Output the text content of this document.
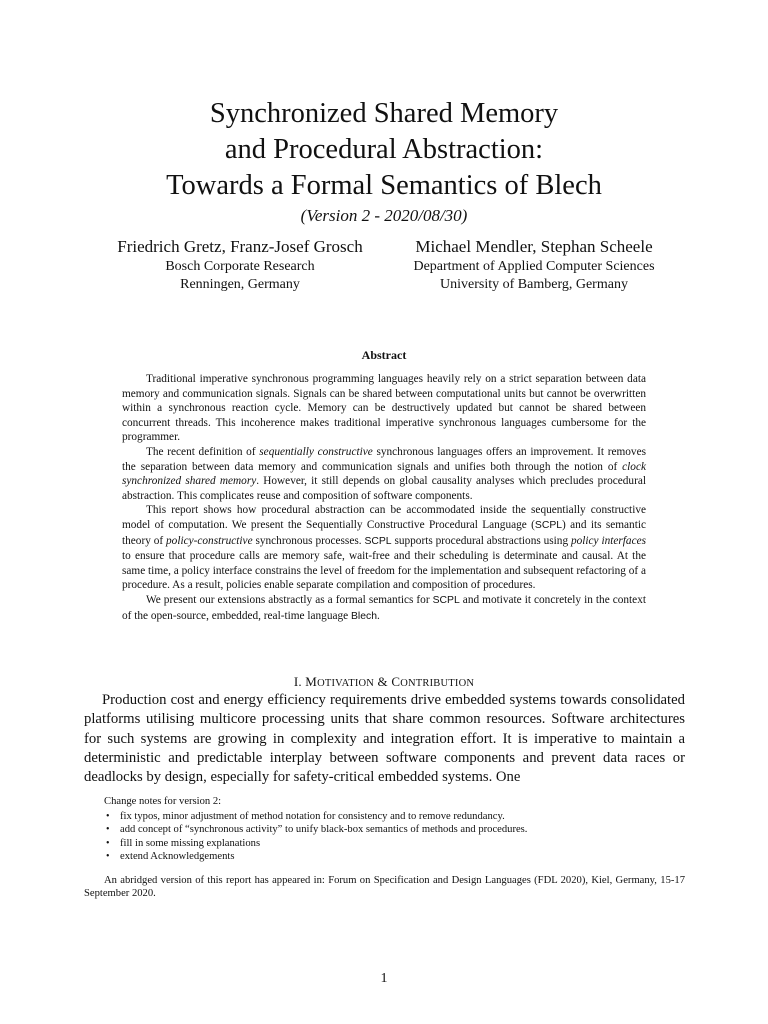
Synchronized Shared Memory
and Procedural Abstraction:
Towards a Formal Semantics of Blech
(Version 2 - 2020/08/30)
Friedrich Gretz, Franz-Josef Grosch
Bosch Corporate Research
Renningen, Germany
Michael Mendler, Stephan Scheele
Department of Applied Computer Sciences
University of Bamberg, Germany
Abstract

Traditional imperative synchronous programming languages heavily rely on a strict separation between data memory and communication signals. Signals can be shared between computational units but cannot be overwritten within a synchronous reaction cycle. Memory can be destructively updated but cannot be shared between concurrent threads. This incoherence makes traditional imperative synchronous languages cumbersome for the programmer.

The recent definition of sequentially constructive synchronous languages offers an improvement. It removes the separation between data memory and communication signals and unifies both through the notion of clock synchronized shared memory. However, it still depends on global causality analyses which precludes procedural abstraction. This complicates reuse and composition of software components.

This report shows how procedural abstraction can be accommodated inside the sequentially constructive model of computation. We present the Sequentially Constructive Procedural Language (SCPL) and its semantic theory of policy-constructive synchronous processes. SCPL supports procedural abstractions using policy interfaces to ensure that procedure calls are memory safe, wait-free and their scheduling is determinate and causal. At the same time, a policy interface constrains the level of freedom for the implementation and subsequent refactoring of a procedure. As a result, policies enable separate compilation and composition of procedures.

We present our extensions abstractly as a formal semantics for SCPL and motivate it concretely in the context of the open-source, embedded, real-time language Blech.

I. MOTIVATION & CONTRIBUTION
Production cost and energy efficiency requirements drive embedded systems towards consolidated platforms utilising multicore processing units that share common resources. Software architectures for such systems are growing in complexity and integration effort. It is imperative to maintain a deterministic and predictable interplay between software components and prevent data races or deadlocks by design, especially for safety-critical embedded systems. One
Change notes for version 2:
• fix typos, minor adjustment of method notation for consistency and to remove redundancy.
• add concept of “synchronous activity” to unify black-box semantics of methods and procedures.
• fill in some missing explanations
• extend Acknowledgements
An abridged version of this report has appeared in: Forum on Specification and Design Languages (FDL 2020), Kiel, Germany, 15-17 September 2020.
1
